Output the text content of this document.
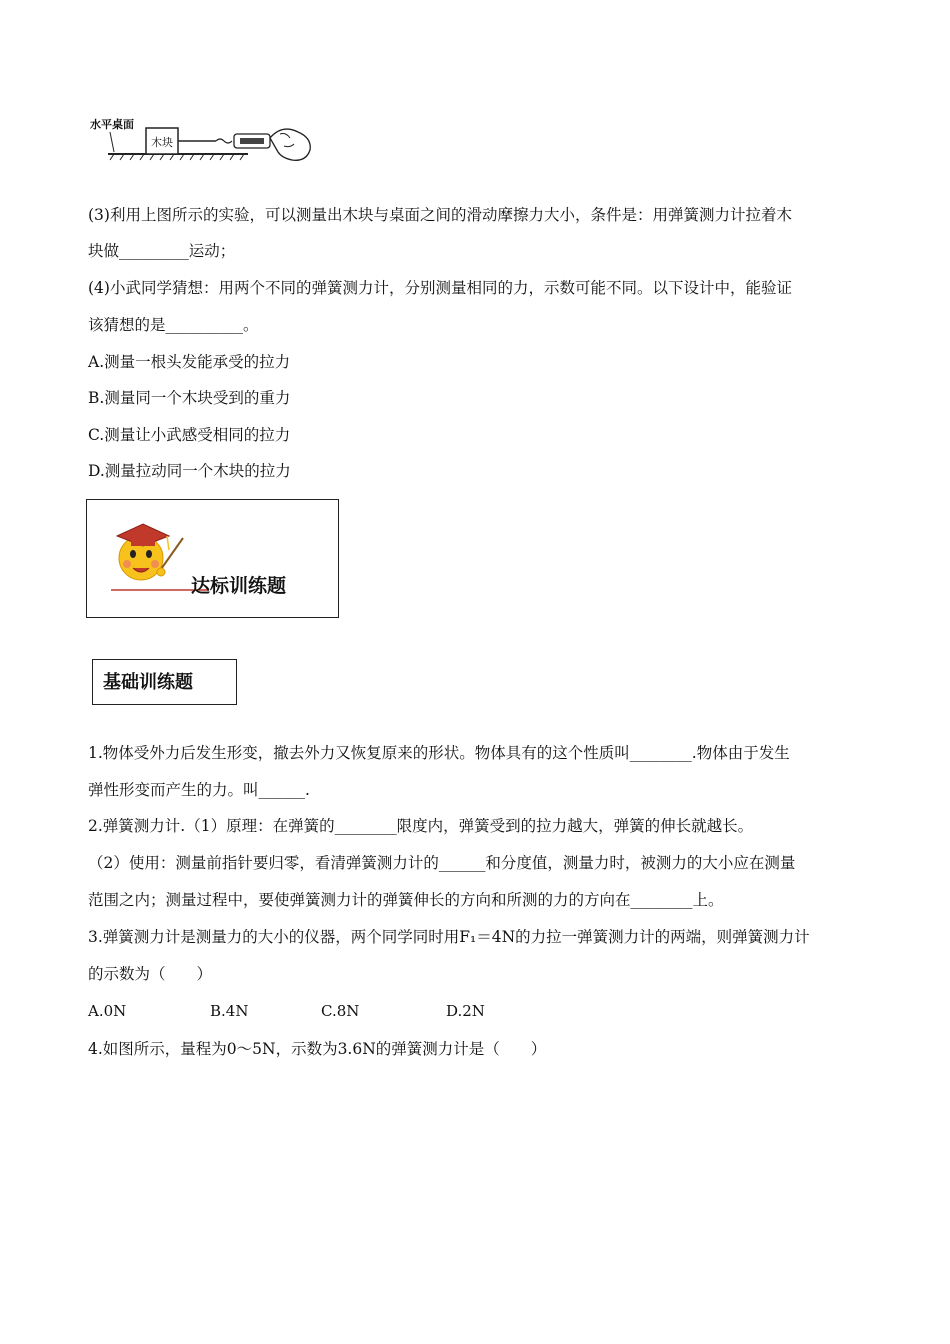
水平桌面
木块
(3)利用上图所示的实验，可以测量出木块与桌面之间的滑动摩擦力大小，条件是：用弹簧测力计拉着木
块做_________运动；
(4)小武同学猜想：用两个不同的弹簧测力计，分别测量相同的力，示数可能不同。以下设计中，能验证
该猜想的是__________。
A.测量一根头发能承受的拉力
B.测量同一个木块受到的重力
C.测量让小武感受相同的拉力
D.测量拉动同一个木块的拉力
达标训练题
基础训练题
1.物体受外力后发生形变，撤去外力又恢复原来的形状。物体具有的这个性质叫________.物体由于发生
弹性形变而产生的力。叫______.
2.弹簧测力计.（1）原理：在弹簧的________限度内，弹簧受到的拉力越大，弹簧的伸长就越长。
（2）使用：测量前指针要归零，看清弹簧测力计的______和分度值，测量力时，被测力的大小应在测量
范围之内；测量过程中，要使弹簧测力计的弹簧伸长的方向和所测的力的方向在________上。
3.弹簧测力计是测量力的大小的仪器，两个同学同时用F₁＝4N的力拉一弹簧测力计的两端，则弹簧测力计
的示数为（　　）
A.0N	B.4N	C.8N	D.2N
4.如图所示，量程为0～5N，示数为3.6N的弹簧测力计是（　　）
